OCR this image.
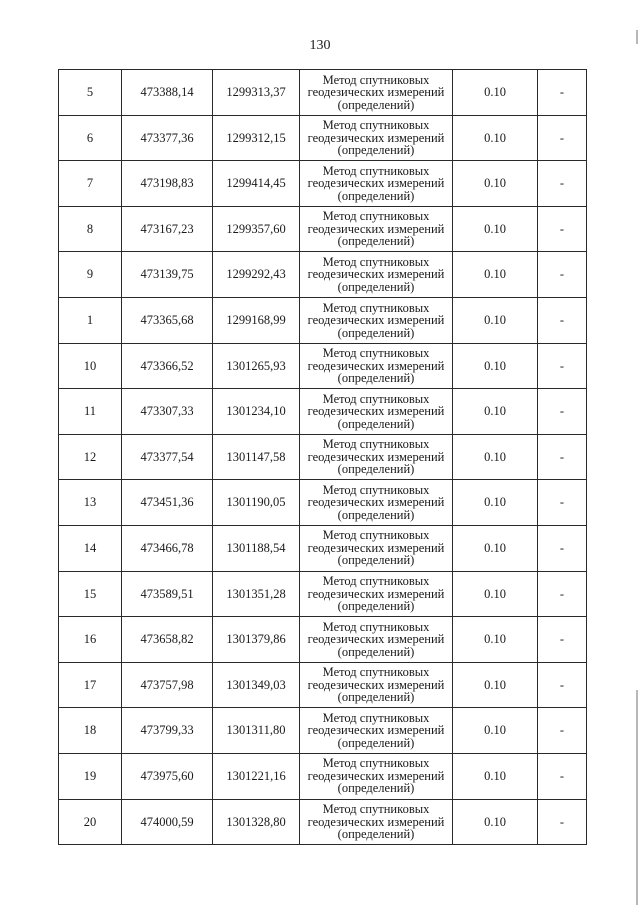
130
5	473388,14	1299313,37	Метод спутниковых
геодезических измерений
(определений)	0.10	-
6	473377,36	1299312,15	Метод спутниковых
геодезических измерений
(определений)	0.10	-
7	473198,83	1299414,45	Метод спутниковых
геодезических измерений
(определений)	0.10	-
8	473167,23	1299357,60	Метод спутниковых
геодезических измерений
(определений)	0.10	-
9	473139,75	1299292,43	Метод спутниковых
геодезических измерений
(определений)	0.10	-
1	473365,68	1299168,99	Метод спутниковых
геодезических измерений
(определений)	0.10	-
10	473366,52	1301265,93	Метод спутниковых
геодезических измерений
(определений)	0.10	-
11	473307,33	1301234,10	Метод спутниковых
геодезических измерений
(определений)	0.10	-
12	473377,54	1301147,58	Метод спутниковых
геодезических измерений
(определений)	0.10	-
13	473451,36	1301190,05	Метод спутниковых
геодезических измерений
(определений)	0.10	-
14	473466,78	1301188,54	Метод спутниковых
геодезических измерений
(определений)	0.10	-
15	473589,51	1301351,28	Метод спутниковых
геодезических измерений
(определений)	0.10	-
16	473658,82	1301379,86	Метод спутниковых
геодезических измерений
(определений)	0.10	-
17	473757,98	1301349,03	Метод спутниковых
геодезических измерений
(определений)	0.10	-
18	473799,33	1301311,80	Метод спутниковых
геодезических измерений
(определений)	0.10	-
19	473975,60	1301221,16	Метод спутниковых
геодезических измерений
(определений)	0.10	-
20	474000,59	1301328,80	Метод спутниковых
геодезических измерений
(определений)	0.10	-
